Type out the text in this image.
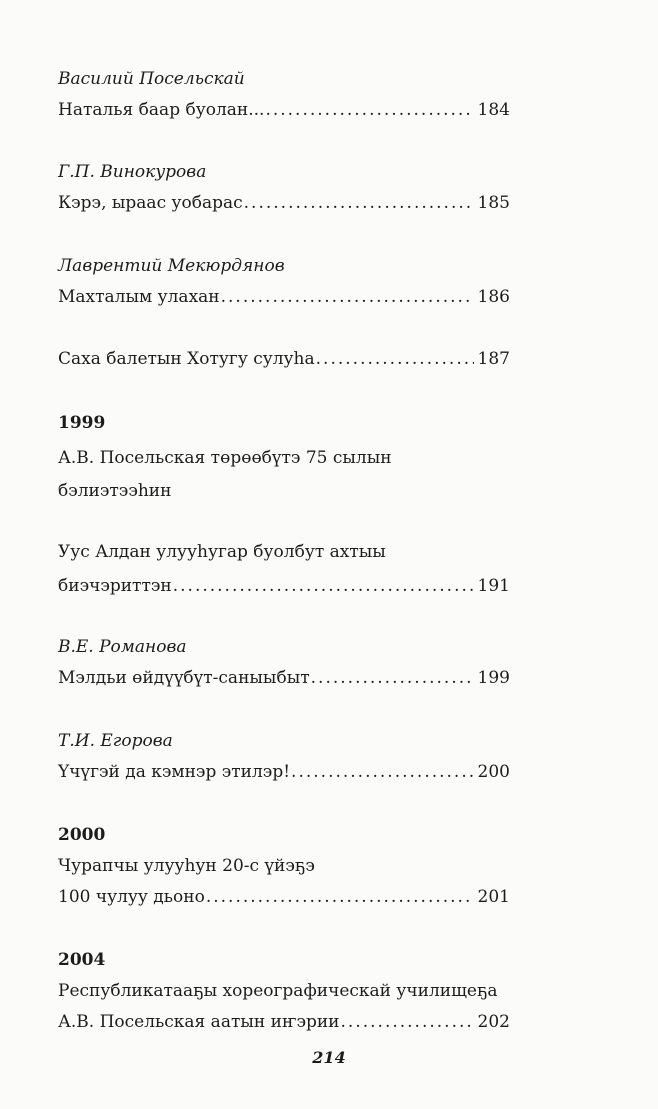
Василий Посельскай
Наталья баар буолан... .....	184
Г.П. Винокурова
Кэрэ, ыраас уобарас .....	185
Лаврентий Мекюрдянов
Махталым улахан .....	186
Саха балетын Хотугу сулуһа .....	187
1999
А.В. Посельская төрөөбүтэ 75 сылын
бэлиэтээһин
Уус Алдан улууһугар буолбут ахтыы
биэчэриттэн .....	191
В.Е. Романова
Мэлдьи өйдүүбүт-саныыбыт .....	199
Т.И. Егорова
Үчүгэй да кэмнэр этилэр! .....	200
2000
Чурапчы улууһун 20-с үйэҕэ
100 чулуу дьоно .....	201
2004
Республикатааҕы хореографическай училищеҕа
А.В. Посельская аатын иҥэрии .....	202
214
